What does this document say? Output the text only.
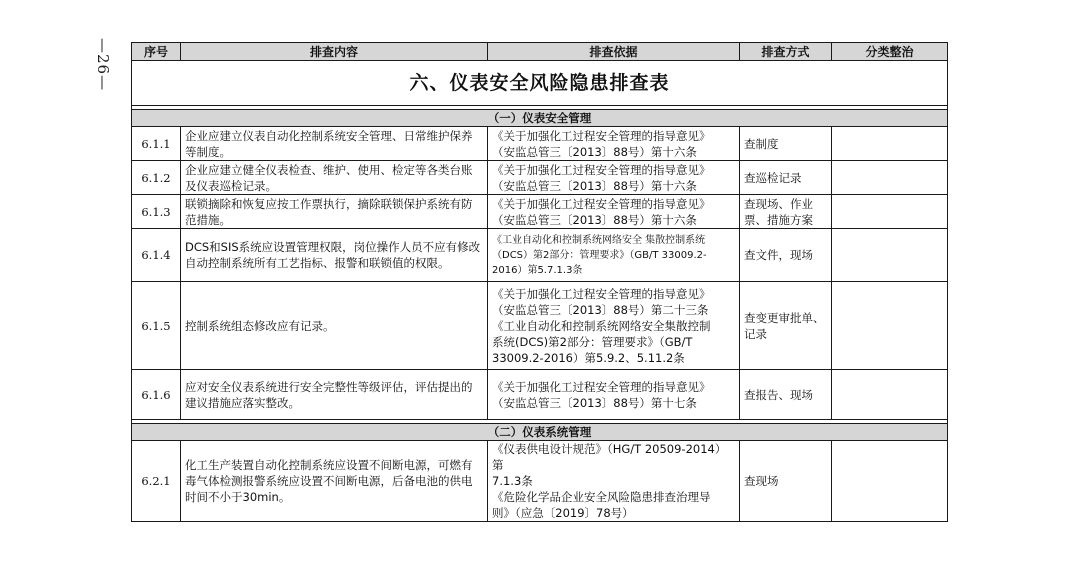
—26—	序号	排查内容	排查依据	排查方式	分类整治
六、仪表安全风险隐患排查表				

（一）仪表安全管理				
6.1.1	企业应建立仪表自动化控制系统安全管理、日常维护保养等制度。	《关于加强化工过程安全管理的指导意见》
（安监总管三〔2013〕88号）第十六条	查制度	
6.1.2	企业应建立健全仪表检查、维护、使用、检定等各类台账及仪表巡检记录。	《关于加强化工过程安全管理的指导意见》
（安监总管三〔2013〕88号）第十六条	查巡检记录	
6.1.3	联锁摘除和恢复应按工作票执行，摘除联锁保护系统有防范措施。	《关于加强化工过程安全管理的指导意见》
（安监总管三〔2013〕88号）第十六条	查现场、作业票、措施方案	
6.1.4	DCS和SIS系统应设置管理权限，岗位操作人员不应有修改自动控制系统所有工艺指标、报警和联锁值的权限。	《工业自动化和控制系统网络安全 集散控制系统
（DCS）第2部分：管理要求》（GB/T 33009.2-
2016）第5.7.1.3条	查文件，现场	
6.1.5	控制系统组态修改应有记录。	《关于加强化工过程安全管理的指导意见》
（安监总管三〔2013〕88号）第二十三条
《工业自动化和控制系统网络安全集散控制
系统(DCS)第2部分：管理要求》（GB/T
33009.2-2016）第5.9.2、5.11.2条	查变更审批单、记录	
6.1.6	应对安全仪表系统进行安全完整性等级评估，评估提出的建议措施应落实整改。	《关于加强化工过程安全管理的指导意见》
（安监总管三〔2013〕88号）第十七条	查报告、现场	

（二）仪表系统管理				
6.2.1	化工生产装置自动化控制系统应设置不间断电源，可燃有毒气体检测报警系统应设置不间断电源，后备电池的供电时间不小于30min。	《仪表供电设计规范》（HG/T 20509-2014）第
7.1.3条
《危险化学品企业安全风险隐患排查治理导
则》（应急〔2019〕78号）	查现场	
